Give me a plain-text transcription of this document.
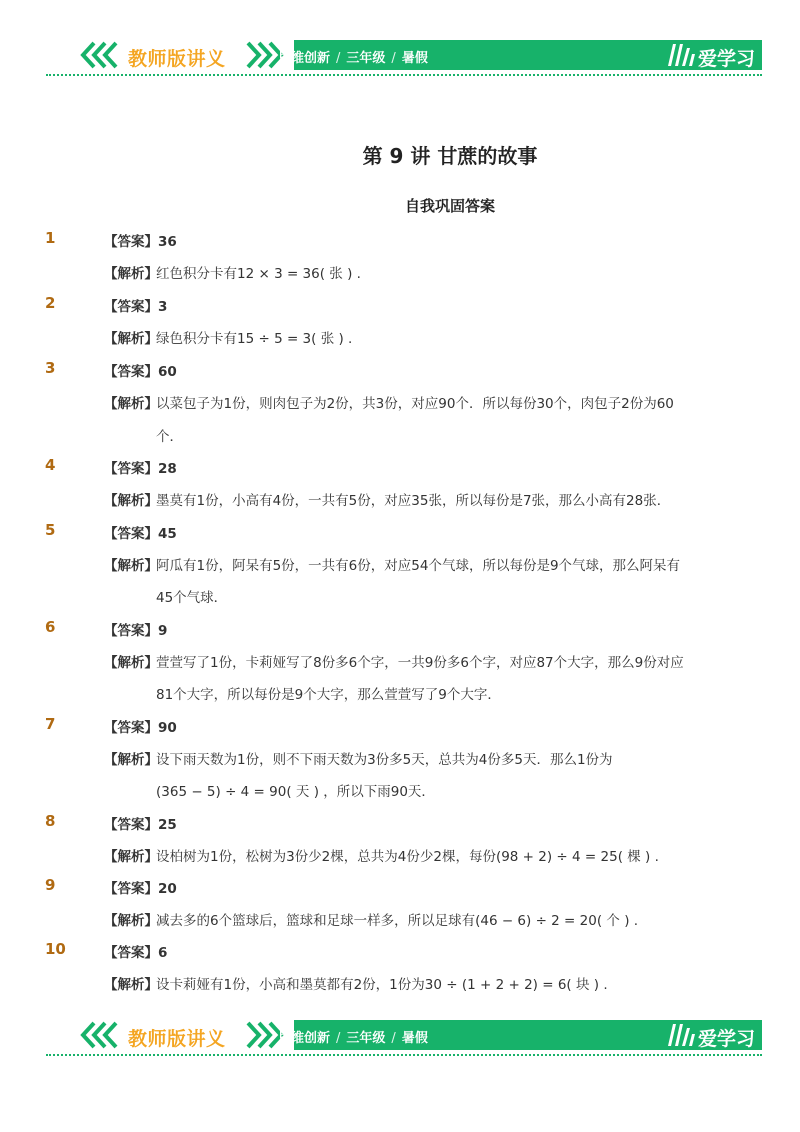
教师版讲义	思维创新 / 三年级 / 暑假	爱学习
第 9 讲 甘蔗的故事
自我巩固答案
1	【答案】36
【解析】
红色积分卡有12 × 3 = 36( 张 ) .
2	【答案】3
【解析】
绿色积分卡有15 ÷ 5 = 3( 张 ) .
3	【答案】60
【解析】
以菜包子为1份，则肉包子为2份，共3份，对应90个．所以每份30个，肉包子2份为60
个．
4	【答案】28
【解析】
墨莫有1份，小高有4份，一共有5份，对应35张，所以每份是7张，那么小高有28张．
5	【答案】45
【解析】
阿瓜有1份，阿呆有5份，一共有6份，对应54个气球，所以每份是9个气球，那么阿呆有
45个气球．
6	【答案】9
【解析】
萱萱写了1份，卡莉娅写了8份多6个字，一共9份多6个字，对应87个大字，那么9份对应
81个大字，所以每份是9个大字，那么萱萱写了9个大字．
7	【答案】90
【解析】
设下雨天数为1份，则不下雨天数为3份多5天，总共为4份多5天．那么1份为
(365 − 5) ÷ 4 = 90( 天 ) ，所以下雨90天．
8	【答案】25
【解析】
设柏树为1份，松树为3份少2棵，总共为4份少2棵，每份(98 + 2) ÷ 4 = 25( 棵 ) .
9	【答案】20
【解析】
减去多的6个篮球后，篮球和足球一样多，所以足球有(46 − 6) ÷ 2 = 20( 个 ) .
10	【答案】6
【解析】
设卡莉娅有1份，小高和墨莫都有2份，1份为30 ÷ (1 + 2 + 2) = 6( 块 ) .
教师版讲义	思维创新 / 三年级 / 暑假	爱学习
